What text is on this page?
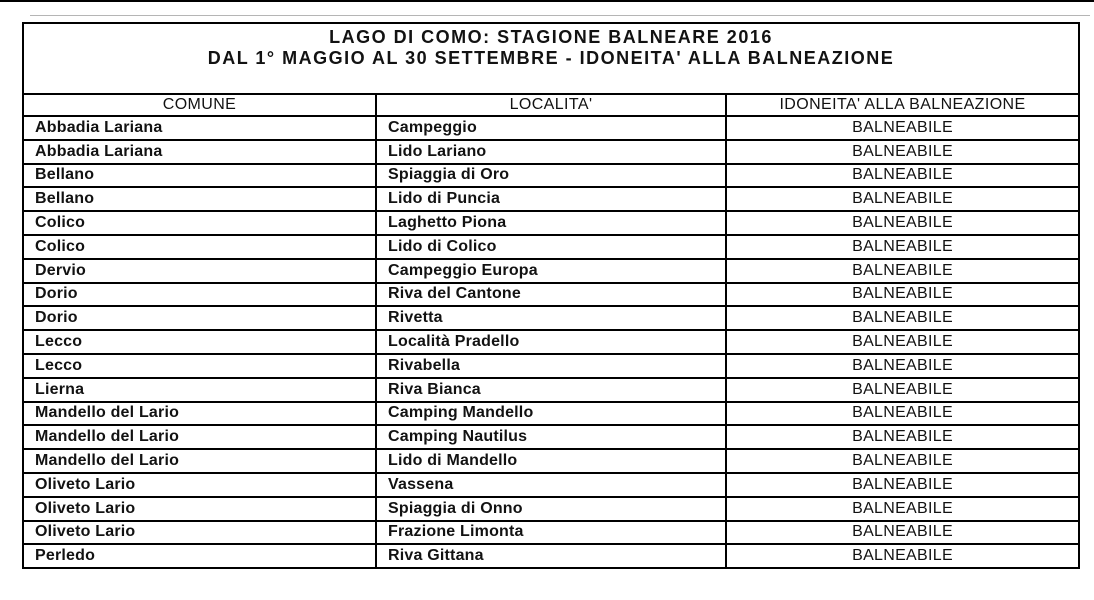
LAGO DI COMO: STAGIONE BALNEARE 2016
DAL 1° MAGGIO AL 30 SETTEMBRE - IDONEITA' ALLA BALNEAZIONE		

COMUNE	LOCALITA'	IDONEITA' ALLA BALNEAZIONE
Abbadia Lariana	Campeggio	BALNEABILE
Abbadia Lariana	Lido Lariano	BALNEABILE
Bellano	Spiaggia di Oro	BALNEABILE
Bellano	Lido di Puncia	BALNEABILE
Colico	Laghetto Piona	BALNEABILE
Colico	Lido di Colico	BALNEABILE
Dervio	Campeggio Europa	BALNEABILE
Dorio	Riva del Cantone	BALNEABILE
Dorio	Rivetta	BALNEABILE
Lecco	Località Pradello	BALNEABILE
Lecco	Rivabella	BALNEABILE
Lierna	Riva Bianca	BALNEABILE
Mandello del Lario	Camping Mandello	BALNEABILE
Mandello del Lario	Camping Nautilus	BALNEABILE
Mandello del Lario	Lido di Mandello	BALNEABILE
Oliveto Lario	Vassena	BALNEABILE
Oliveto Lario	Spiaggia di Onno	BALNEABILE
Oliveto Lario	Frazione Limonta	BALNEABILE
Perledo	Riva Gittana	BALNEABILE
